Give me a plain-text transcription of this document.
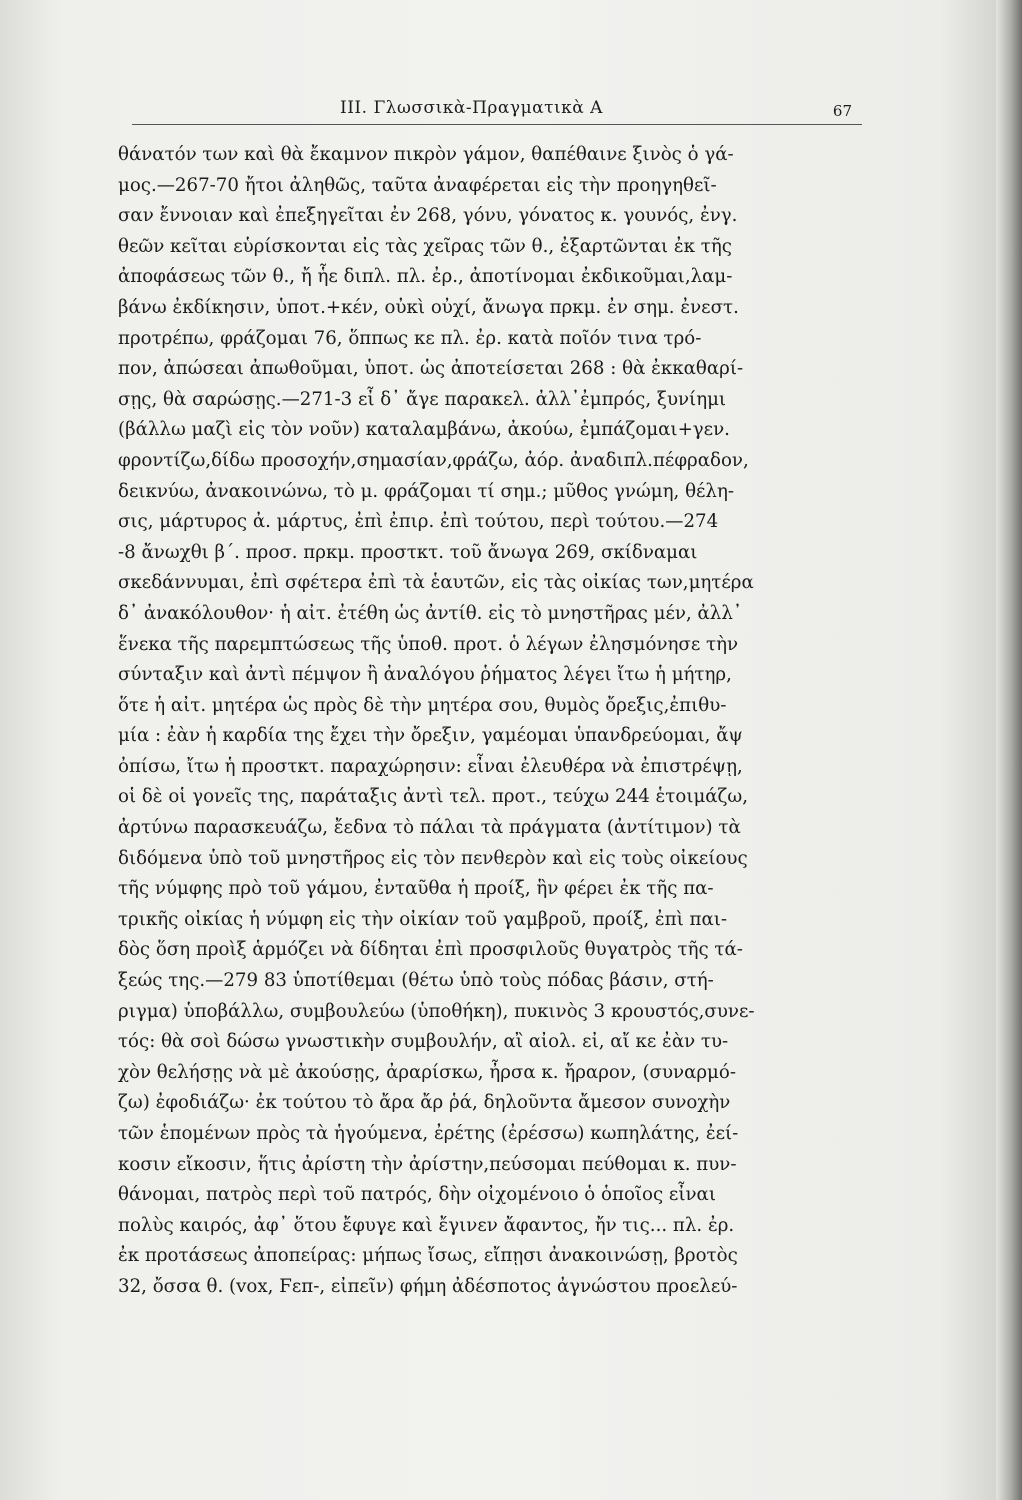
III. Γλωσσικὰ-Πραγματικὰ Α	67
θάνατόν των καὶ θὰ ἔκαμνον πικρὸν γάμον, θαπέθαινε ξινὸς ὁ γά-
μος.—267-70 ἤτοι ἀληθῶς, ταῦτα ἀναφέρεται εἰς τὴν προηγηθεῖ-
σαν ἔννοιαν καὶ ἐπεξηγεῖται ἐν 268, γόνυ, γόνατος κ. γουνός, ἐνγ.
θεῶν κεῖται εὑρίσκονται εἰς τὰς χεῖρας τῶν θ., ἐξαρτῶνται ἐκ τῆς
ἀποφάσεως τῶν θ., ἤ ἧε διπλ. πλ. ἐρ., ἀποτίνομαι ἐκδικοῦμαι,λαμ-
βάνω ἐκδίκησιν, ὑποτ.+κέν, οὐκὶ οὐχί, ἄνωγα πρκμ. ἐν σημ. ἐνεστ.
προτρέπω, φράζομαι 76, ὅππως κε πλ. ἐρ. κατὰ ποῖόν τινα τρό-
πον, ἀπώσεαι ἀπωθοῦμαι, ὑποτ. ὡς ἀποτείσεται 268 : θὰ ἐκκαθαρί-
σῃς, θὰ σαρώσῃς.—271-3 εἶ δ᾽ ἄγε παρακελ. ἀλλ᾽ἐμπρός, ξυνίημι
(βάλλω μαζὶ εἰς τὸν νοῦν) καταλαμβάνω, ἀκούω, ἐμπάζομαι+γεν.
φροντίζω,δίδω προσοχήν,σημασίαν,φράζω, ἀόρ. ἀναδιπλ.πέφραδον,
δεικνύω, ἀνακοινώνω, τὸ μ. φράζομαι τί σημ.; μῦθος γνώμη, θέλη-
σις, μάρτυρος ἀ. μάρτυς, ἐπὶ ἐπιρ. ἐπὶ τούτου, περὶ τούτου.—274
-8 ἄνωχθι β΄. προσ. πρκμ. προστκτ. τοῦ ἄνωγα 269, σκίδναμαι
σκεδάννυμαι, ἐπὶ σφέτερα ἐπὶ τὰ ἑαυτῶν, εἰς τὰς οἰκίας των,μητέρα
δ᾽ ἀνακόλουθον· ἡ αἰτ. ἐτέθη ὡς ἀντίθ. εἰς τὸ μνηστῆρας μέν, ἀλλ᾽
ἕνεκα τῆς παρεμπτώσεως τῆς ὑποθ. προτ. ὁ λέγων ἐλησμόνησε τὴν
σύνταξιν καὶ ἀντὶ πέμψον ἢ ἀναλόγου ῥήματος λέγει ἴτω ἡ μήτηρ,
ὅτε ἡ αἰτ. μητέρα ὡς πρὸς δὲ τὴν μητέρα σου, θυμὸς ὄρεξις,ἐπιθυ-
μία : ἐὰν ἡ καρδία της ἔχει τὴν ὄρεξιν, γαμέομαι ὑπανδρεύομαι, ἄψ
ὀπίσω, ἴτω ἡ προστκτ. παραχώρησιν: εἶναι ἐλευθέρα νὰ ἐπιστρέψῃ,
οἱ δὲ οἱ γονεῖς της, παράταξις ἀντὶ τελ. προτ., τεύχω 244 ἑτοιμάζω,
ἀρτύνω παρασκευάζω, ἔεδνα τὸ πάλαι τὰ πράγματα (ἀντίτιμον) τὰ
διδόμενα ὑπὸ τοῦ μνηστῆρος εἰς τὸν πενθερὸν καὶ εἰς τοὺς οἰκείους
τῆς νύμφης πρὸ τοῦ γάμου, ἐνταῦθα ἡ προίξ, ἣν φέρει ἐκ τῆς πα-
τρικῆς οἰκίας ἡ νύμφη εἰς τὴν οἰκίαν τοῦ γαμβροῦ, προίξ, ἐπὶ παι-
δὸς ὅση προὶξ ἁρμόζει νὰ δίδηται ἐπὶ προσφιλοῦς θυγατρὸς τῆς τά-
ξεώς της.—279 83 ὑποτίθεμαι (θέτω ὑπὸ τοὺς πόδας βάσιν, στή-
ριγμα) ὑποβάλλω, συμβουλεύω (ὑποθήκη), πυκινὸς 3 κρουστός,συνε-
τός: θὰ σοὶ δώσω γνωστικὴν συμβουλήν, αἲ αἰολ. εἰ, αἴ κε ἐὰν τυ-
χὸν θελήσῃς νὰ μὲ ἀκούσῃς, ἀραρίσκω, ἦρσα κ. ἤραρον, (συναρμό-
ζω) ἐφοδιάζω· ἐκ τούτου τὸ ἄρα ἄρ ῥά, δηλοῦντα ἄμεσον συνοχὴν
τῶν ἑπομένων πρὸς τὰ ἡγούμενα, ἐρέτης (ἐρέσσω) κωπηλάτης, ἐεί-
κοσιν εἴκοσιν, ἥτις ἀρίστη τὴν ἀρίστην,πεύσομαι πεύθομαι κ. πυν-
θάνομαι, πατρὸς περὶ τοῦ πατρός, δὴν οἰχομένοιο ὁ ὁποῖος εἶναι
πολὺς καιρός, ἀφ᾽ ὅτου ἔφυγε καὶ ἔγινεν ἄφαντος, ἤν τις... πλ. ἐρ.
ἐκ προτάσεως ἀποπείρας: μήπως ἴσως, εἴπῃσι ἀνακοινώσῃ, βροτὸς
32, ὄσσα θ. (vox, Ϝεπ-, εἰπεῖν) φήμη ἀδέσποτος ἀγνώστου προελεύ-
